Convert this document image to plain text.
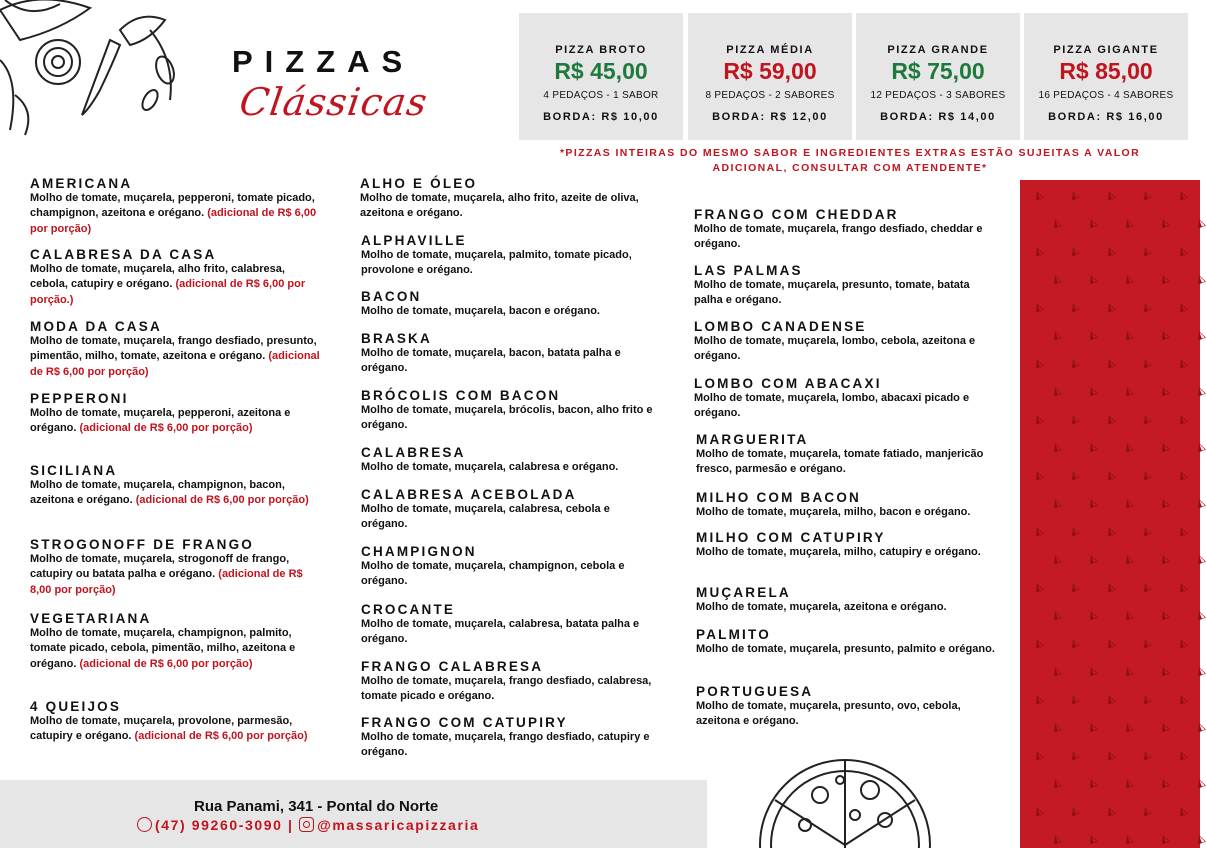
PIZZAS
Clássicas
PIZZA BROTO
R$ 45,00
4 PEDAÇOS - 1 SABOR
BORDA: R$ 10,00
PIZZA MÉDIA
R$ 59,00
8 PEDAÇOS - 2 SABORES
BORDA: R$ 12,00
PIZZA GRANDE
R$ 75,00
12 PEDAÇOS - 3 SABORES
BORDA: R$ 14,00
PIZZA GIGANTE
R$ 85,00
16 PEDAÇOS - 4 SABORES
BORDA: R$ 16,00
*PIZZAS INTEIRAS DO MESMO SABOR E INGREDIENTES EXTRAS ESTÃO SUJEITAS A VALOR ADICIONAL, CONSULTAR COM ATENDENTE*
AMERICANA
Molho de tomate, muçarela, pepperoni, tomate picado, champignon, azeitona e orégano. (adicional de R$ 6,00 por porção)
CALABRESA DA CASA
Molho de tomate, muçarela, alho frito, calabresa, cebola, catupiry e orégano. (adicional de R$ 6,00 por porção.)
MODA DA CASA
Molho de tomate, muçarela, frango desfiado, presunto, pimentão, milho, tomate, azeitona e orégano. (adicional de R$ 6,00 por porção)
PEPPERONI
Molho de tomate, muçarela, pepperoni, azeitona e orégano. (adicional de R$ 6,00 por porção)
SICILIANA
Molho de tomate, muçarela, champignon, bacon, azeitona e orégano. (adicional de R$ 6,00 por porção)
STROGONOFF DE FRANGO
Molho de tomate, muçarela, strogonoff de frango, catupiry ou batata palha e orégano. (adicional de R$ 8,00 por porção)
VEGETARIANA
Molho de tomate, muçarela, champignon, palmito, tomate picado, cebola, pimentão, milho, azeitona e orégano. (adicional de R$ 6,00 por porção)
4 QUEIJOS
Molho de tomate, muçarela, provolone, parmesão, catupiry e orégano. (adicional de R$ 6,00 por porção)
ALHO E ÓLEO
Molho de tomate, muçarela, alho frito, azeite de oliva, azeitona e orégano.
ALPHAVILLE
Molho de tomate, muçarela, palmito, tomate picado, provolone e orégano.
BACON
Molho de tomate, muçarela, bacon e orégano.
BRASKA
Molho de tomate, muçarela, bacon, batata palha e orégano.
BRÓCOLIS COM BACON
Molho de tomate, muçarela, brócolis, bacon, alho frito e orégano.
CALABRESA
Molho de tomate, muçarela, calabresa e orégano.
CALABRESA ACEBOLADA
Molho de tomate, muçarela, calabresa, cebola e orégano.
CHAMPIGNON
Molho de tomate, muçarela, champignon, cebola e orégano.
CROCANTE
Molho de tomate, muçarela, calabresa, batata palha e orégano.
FRANGO CALABRESA
Molho de tomate, muçarela, frango desfiado, calabresa, tomate picado e orégano.
FRANGO COM CATUPIRY
Molho de tomate, muçarela, frango desfiado, catupiry e orégano.
FRANGO COM CHEDDAR
Molho de tomate, muçarela, frango desfiado, cheddar e orégano.
LAS PALMAS
Molho de tomate, muçarela, presunto, tomate, batata palha e orégano.
LOMBO CANADENSE
Molho de tomate, muçarela, lombo, cebola, azeitona e orégano.
LOMBO COM ABACAXI
Molho de tomate, muçarela, lombo, abacaxi picado e orégano.
MARGUERITA
Molho de tomate, muçarela, tomate fatiado, manjericão fresco, parmesão e orégano.
MILHO COM BACON
Molho de tomate, muçarela, milho, bacon e orégano.
MILHO COM CATUPIRY
Molho de tomate, muçarela, milho, catupiry e orégano.
MUÇARELA
Molho de tomate, muçarela, azeitona e orégano.
PALMITO
Molho de tomate, muçarela, presunto, palmito e orégano.
PORTUGUESA
Molho de tomate, muçarela, presunto, ovo, cebola, azeitona e orégano.
◭ ◭ ◭ ◭ ◭
◭ ◭ ◭ ◭ ◭
◭ ◭ ◭ ◭ ◭
◭ ◭ ◭ ◭ ◭
◭ ◭ ◭ ◭ ◭
◭ ◭ ◭ ◭ ◭
◭ ◭ ◭ ◭ ◭
◭ ◭ ◭ ◭ ◭
◭ ◭ ◭ ◭ ◭
◭ ◭ ◭ ◭ ◭
◭ ◭ ◭ ◭ ◭
◭ ◭ ◭ ◭ ◭
◭ ◭ ◭ ◭ ◭
◭ ◭ ◭ ◭ ◭
◭ ◭ ◭ ◭ ◭
◭ ◭ ◭ ◭ ◭
◭ ◭ ◭ ◭ ◭
◭ ◭ ◭ ◭ ◭
◭ ◭ ◭ ◭ ◭
◭ ◭ ◭ ◭ ◭
◭ ◭ ◭ ◭ ◭
◭ ◭ ◭ ◭ ◭
◭ ◭ ◭ ◭ ◭
◭ ◭ ◭ ◭ ◭
Rua Panami, 341 - Pontal do Norte
(47) 99260-3090 | @massaricapizzaria
